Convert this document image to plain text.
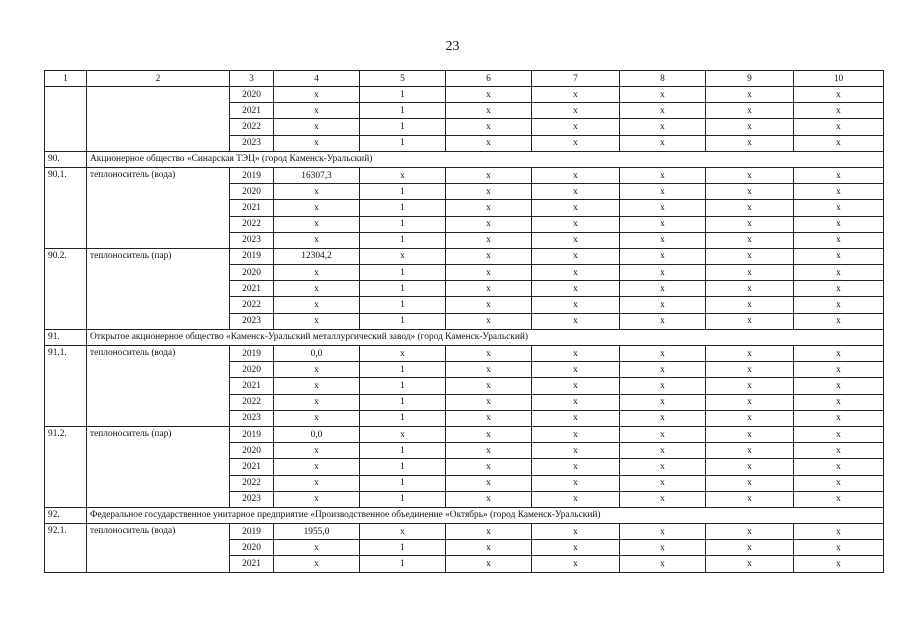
23
1	2	3	4	5	6	7	8	9	10
		2020	x	1	x	x	x	x	x
		2021	x	1	x	x	x	x	x
		2022	x	1	x	x	x	x	x
		2023	x	1	x	x	x	x	x
90.	Акционерное общество «Синарская ТЭЦ» (город Каменск-Уральский)								
90.1.	теплоноситель (вода)	2019	16307,3	x	x	x	x	x	x
		2020	x	1	x	x	x	x	x
		2021	x	1	x	x	x	x	x
		2022	x	1	x	x	x	x	x
		2023	x	1	x	x	x	x	x
90.2.	теплоноситель (пар)	2019	12304,2	x	x	x	x	x	x
		2020	x	1	x	x	x	x	x
		2021	x	1	x	x	x	x	x
		2022	x	1	x	x	x	x	x
		2023	x	1	x	x	x	x	x
91.	Открытое акционерное общество «Каменск-Уральский металлургический завод» (город Каменск-Уральский)								
91.1.	теплоноситель (вода)	2019	0,0	x	x	x	x	x	x
		2020	x	1	x	x	x	x	x
		2021	x	1	x	x	x	x	x
		2022	x	1	x	x	x	x	x
		2023	x	1	x	x	x	x	x
91.2.	теплоноситель (пар)	2019	0,0	x	x	x	x	x	x
		2020	x	1	x	x	x	x	x
		2021	x	1	x	x	x	x	x
		2022	x	1	x	x	x	x	x
		2023	x	1	x	x	x	x	x
92.	Федеральное государственное унитарное предприятие «Производственное объединение «Октябрь» (город Каменск-Уральский)								
92.1.	теплоноситель (вода)	2019	1955,0	x	x	x	x	x	x
		2020	x	1	x	x	x	x	x
		2021	x	1	x	x	x	x	x
